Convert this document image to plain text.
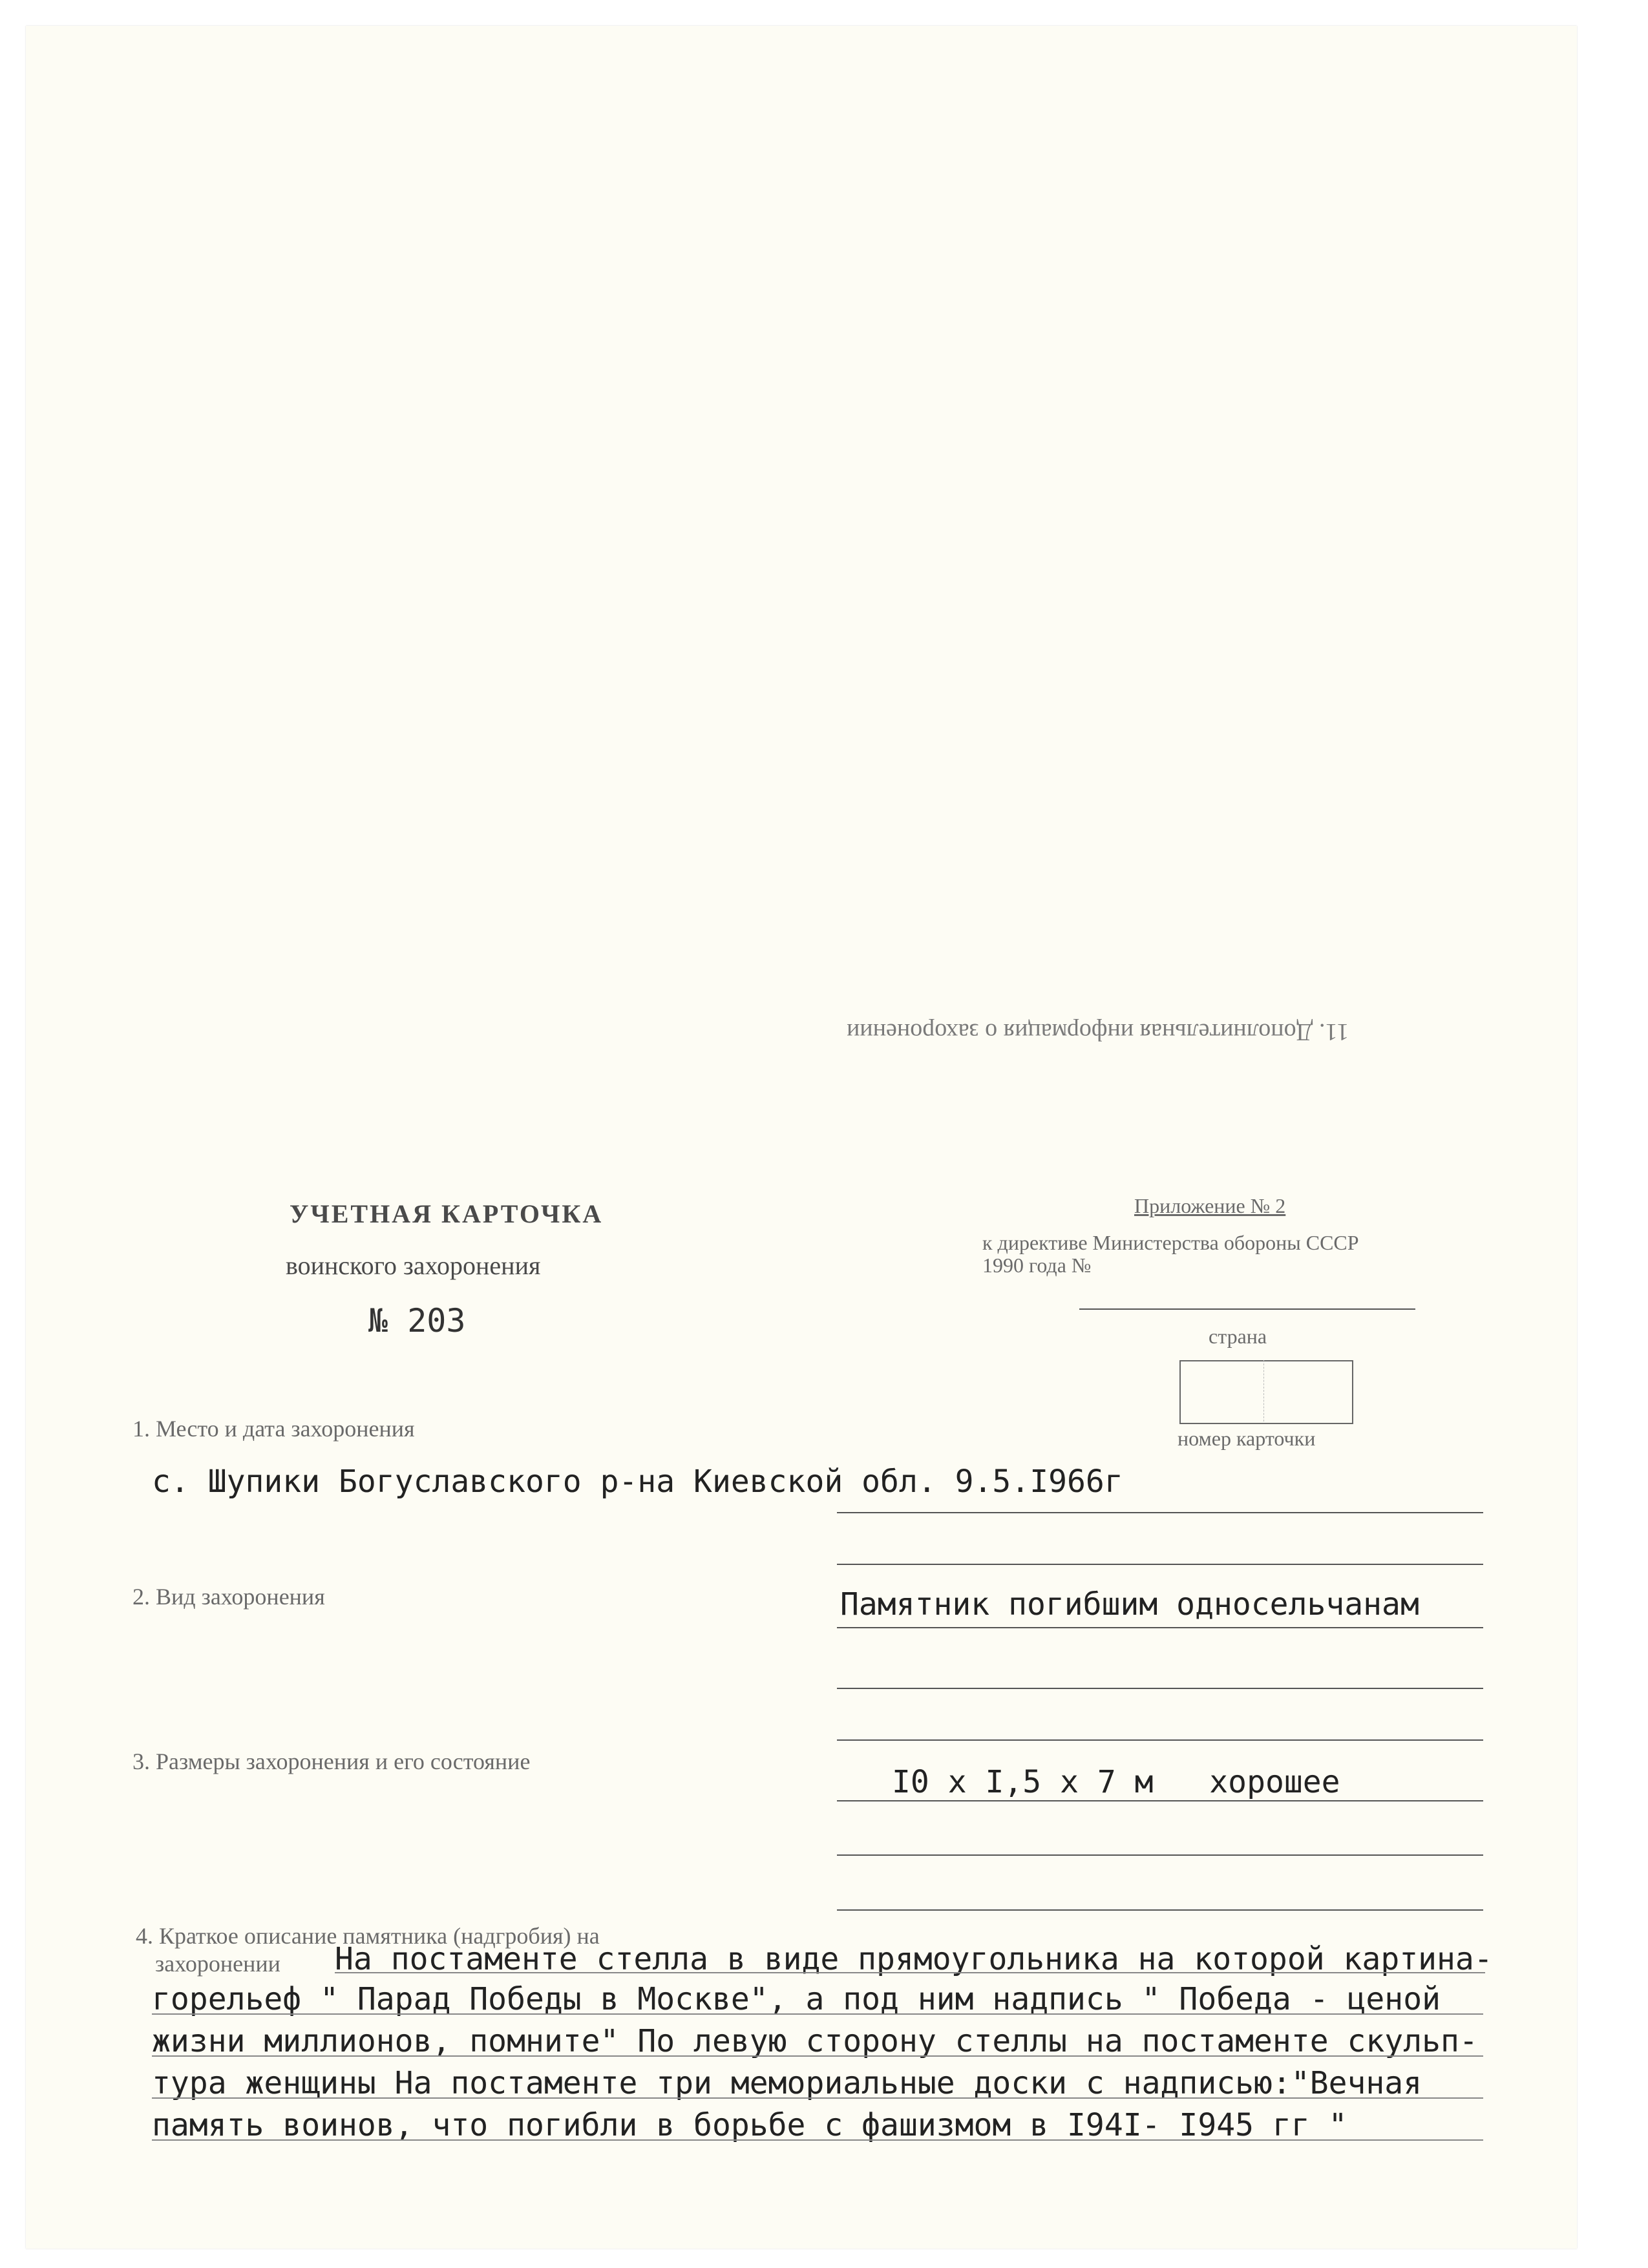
11. Дополнительная информация о захоронении
УЧЕТНАЯ КАРТОЧКА
воинского захоронения
№ 203
Приложение № 2
к директиве Министерства обороны СССР
1990 года №
страна
номер карточки
1. Место и дата захоронения
с. Шупики Богуславского р-на Киевской обл. 9.5.I966г
2. Вид захоронения	Памятник погибшим односельчанам
3. Размеры захоронения и его состояние
I0 x I,5 x 7 м   хорошее
4. Краткое описание памятника (надгробия) на
захоронении На постаменте стелла в виде прямоугольника на которой картина-
горельеф " Парад Победы в Москве", а под ним надпись " Победа - ценой
жизни миллионов, помните" По левую сторону стеллы на постаменте скульп-
тура женщины На постаменте три мемориальные доски с надписью:"Вечная
память воинов, что погибли в борьбе с фашизмом в I94I- I945 гг "
